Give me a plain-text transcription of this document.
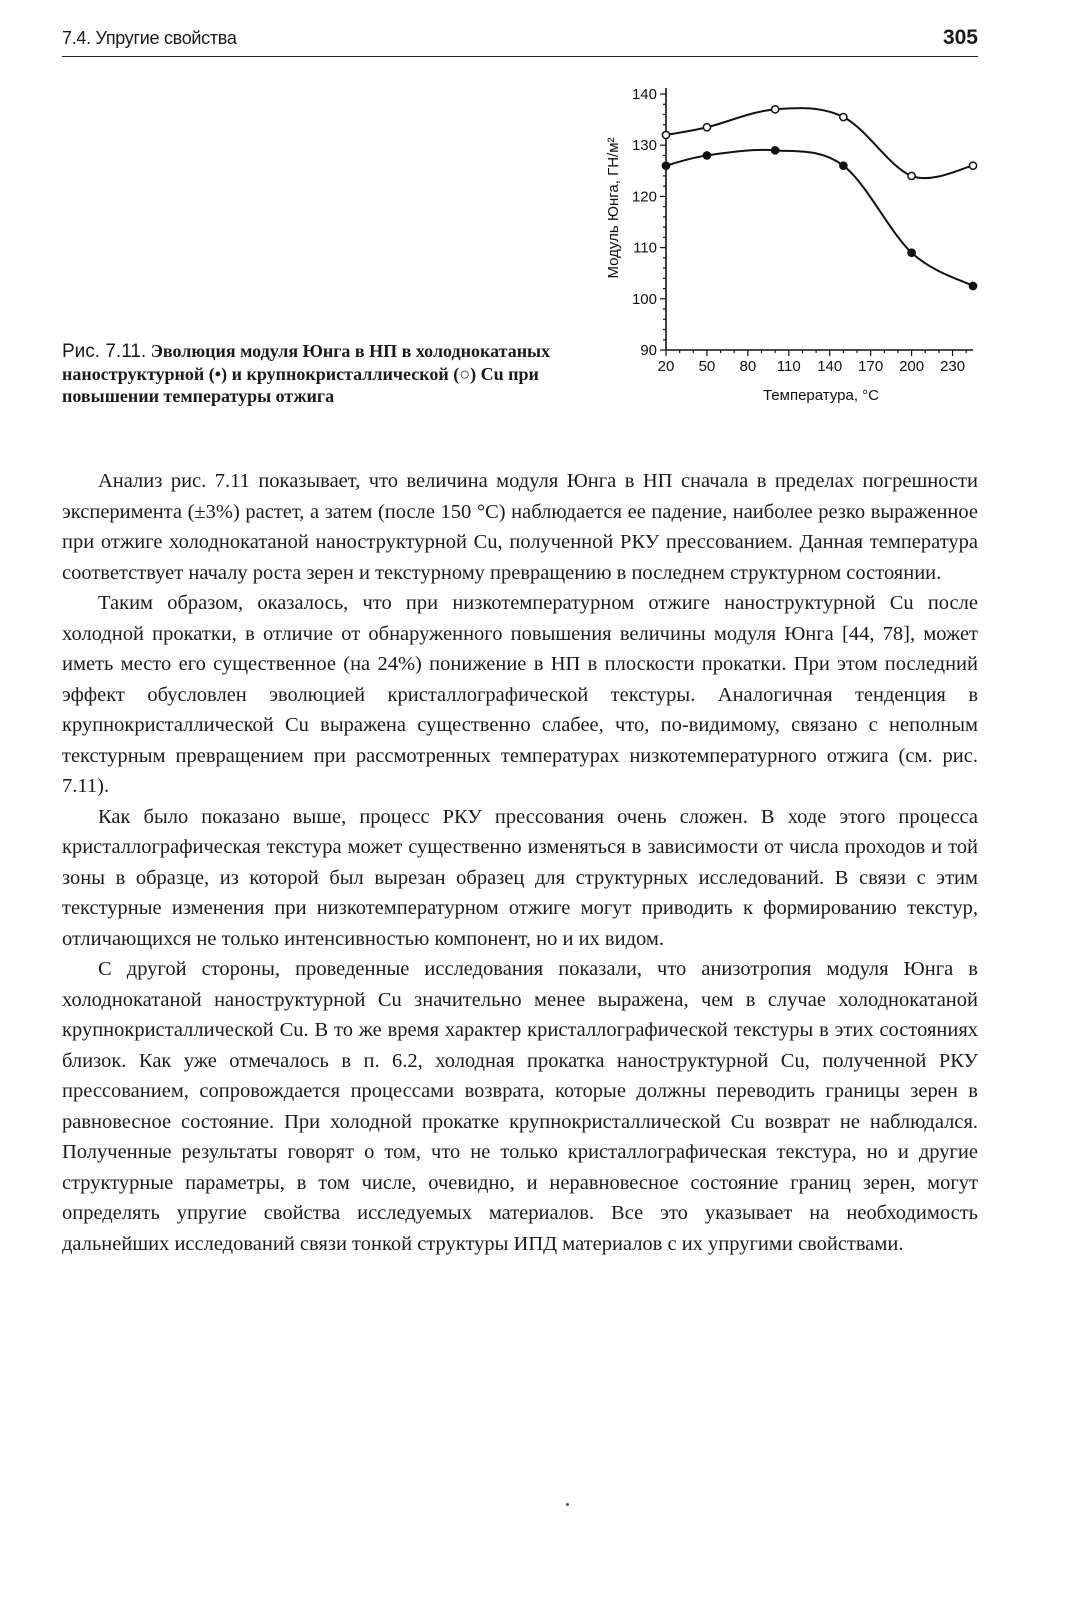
7.4. Упругие свойства	305
Рис. 7.11. Эволюция модуля Юнга в НП в холоднокатаных наноструктурной (•) и крупнокристаллической (○) Cu при повышении температуры отжига
90
100
110
120
130
140
20 50 80 110 140 170 200 230
Температура, °С
Модуль Юнга, ГН/м²

Анализ рис. 7.11 показывает, что величина модуля Юнга в НП сначала в пределах погрешности эксперимента (±3%) растет, а затем (после 150 °С) наблюдается ее падение, наиболее резко выраженное при отжиге холоднокатаной наноструктурной Cu, полученной РКУ прессованием. Данная температура соответствует началу роста зерен и текстурному превращению в последнем структурном состоянии.

Таким образом, оказалось, что при низкотемпературном отжиге наноструктурной Cu после холодной прокатки, в отличие от обнаруженного повышения величины модуля Юнга [44, 78], может иметь место его существенное (на 24%) понижение в НП в плоскости прокатки. При этом последний эффект обусловлен эволюцией кристаллографической текстуры. Аналогичная тенденция в крупнокристаллической Cu выражена существенно слабее, что, по-видимому, связано с неполным текстурным превращением при рассмотренных температурах низкотемпературного отжига (см. рис. 7.11).

Как было показано выше, процесс РКУ прессования очень сложен. В ходе этого процесса кристаллографическая текстура может существенно изменяться в зависимости от числа проходов и той зоны в образце, из которой был вырезан образец для структурных исследований. В связи с этим текстурные изменения при низкотемпературном отжиге могут приводить к формированию текстур, отличающихся не только интенсивностью компонент, но и их видом.

С другой стороны, проведенные исследования показали, что анизотропия модуля Юнга в холоднокатаной наноструктурной Cu значительно менее выражена, чем в случае холоднокатаной крупнокристаллической Cu. В то же время характер кристаллографической текстуры в этих состояниях близок. Как уже отмечалось в п. 6.2, холодная прокатка наноструктурной Cu, полученной РКУ прессованием, сопровождается процессами возврата, которые должны переводить границы зерен в равновесное состояние. При холодной прокатке крупнокристаллической Cu возврат не наблюдался. Полученные результаты говорят о том, что не только кристаллографическая текстура, но и другие структурные параметры, в том числе, очевидно, и неравновесное состояние границ зерен, могут определять упругие свойства исследуемых материалов. Все это указывает на необходимость дальнейших исследований связи тонкой структуры ИПД материалов с их упругими свойствами.
